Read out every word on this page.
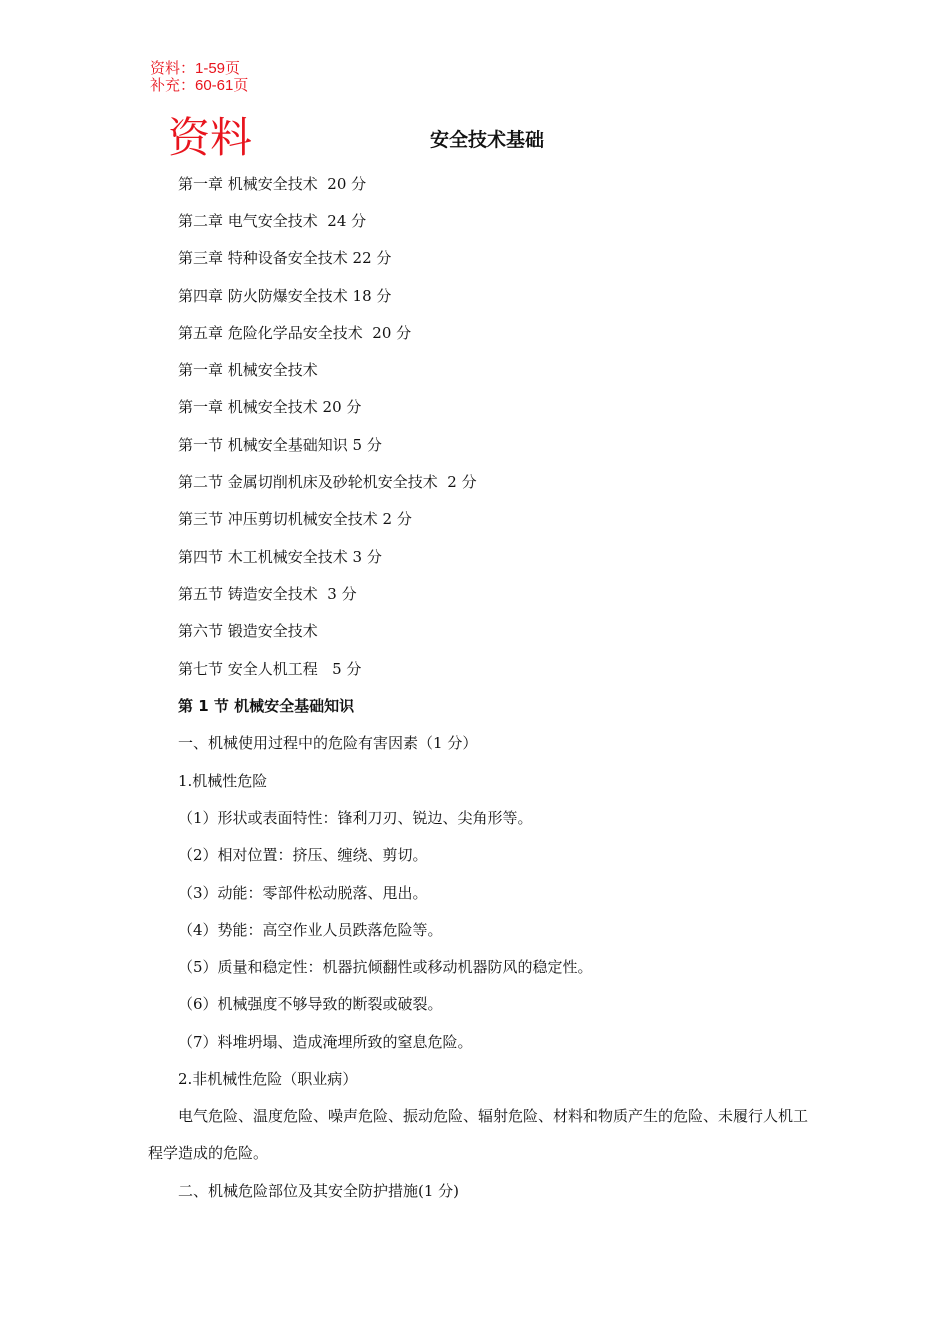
资料：1-59页
补充：60-61页
资料	安全技术基础
第一章 机械安全技术  20 分
第二章 电气安全技术  24 分
第三章 特种设备安全技术 22 分
第四章 防火防爆安全技术 18 分
第五章 危险化学品安全技术  20 分
第一章 机械安全技术
第一章 机械安全技术 20 分
第一节 机械安全基础知识 5 分
第二节 金属切削机床及砂轮机安全技术  2 分
第三节 冲压剪切机械安全技术 2 分
第四节 木工机械安全技术 3 分
第五节 铸造安全技术  3 分
第六节 锻造安全技术
第七节 安全人机工程   5 分
第 1 节 机械安全基础知识
一、机械使用过程中的危险有害因素（1 分）
1.机械性危险
（1）形状或表面特性：锋利刀刃、锐边、尖角形等。
（2）相对位置：挤压、缠绕、剪切。
（3）动能：零部件松动脱落、甩出。
（4）势能：高空作业人员跌落危险等。
（5）质量和稳定性：机器抗倾翻性或移动机器防风的稳定性。
（6）机械强度不够导致的断裂或破裂。
（7）料堆坍塌、造成淹埋所致的窒息危险。
2.非机械性危险（职业病）
电气危险、温度危险、噪声危险、振动危险、辐射危险、材料和物质产生的危险、未履行人机工程学造成的危险。
二、机械危险部位及其安全防护措施(1 分)
